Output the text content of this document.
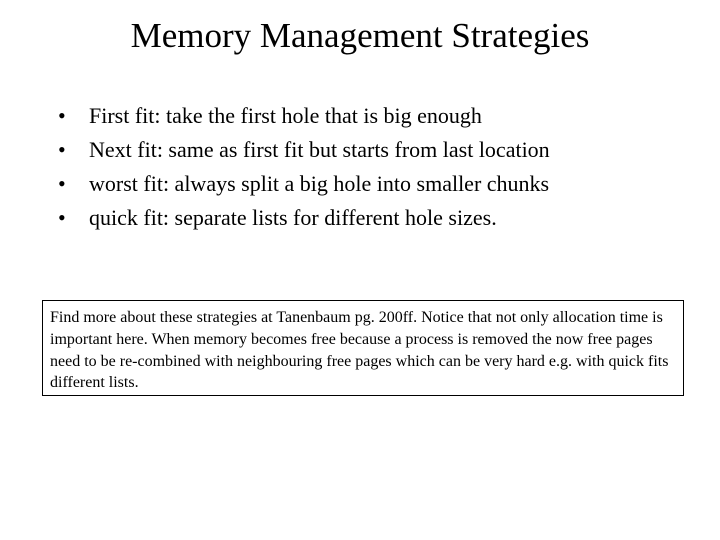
Memory Management Strategies
• First fit: take the first hole that is big enough
• Next fit: same as first fit but starts from last location
• worst fit: always split a big hole into smaller chunks
• quick fit: separate lists for different hole sizes.
Find more about these strategies at Tanenbaum pg. 200ff. Notice that not only allocation time is important here. When memory becomes free because a process is removed the now free pages need to be re-combined with neighbouring free pages which can be very hard e.g. with quick fits different lists.
